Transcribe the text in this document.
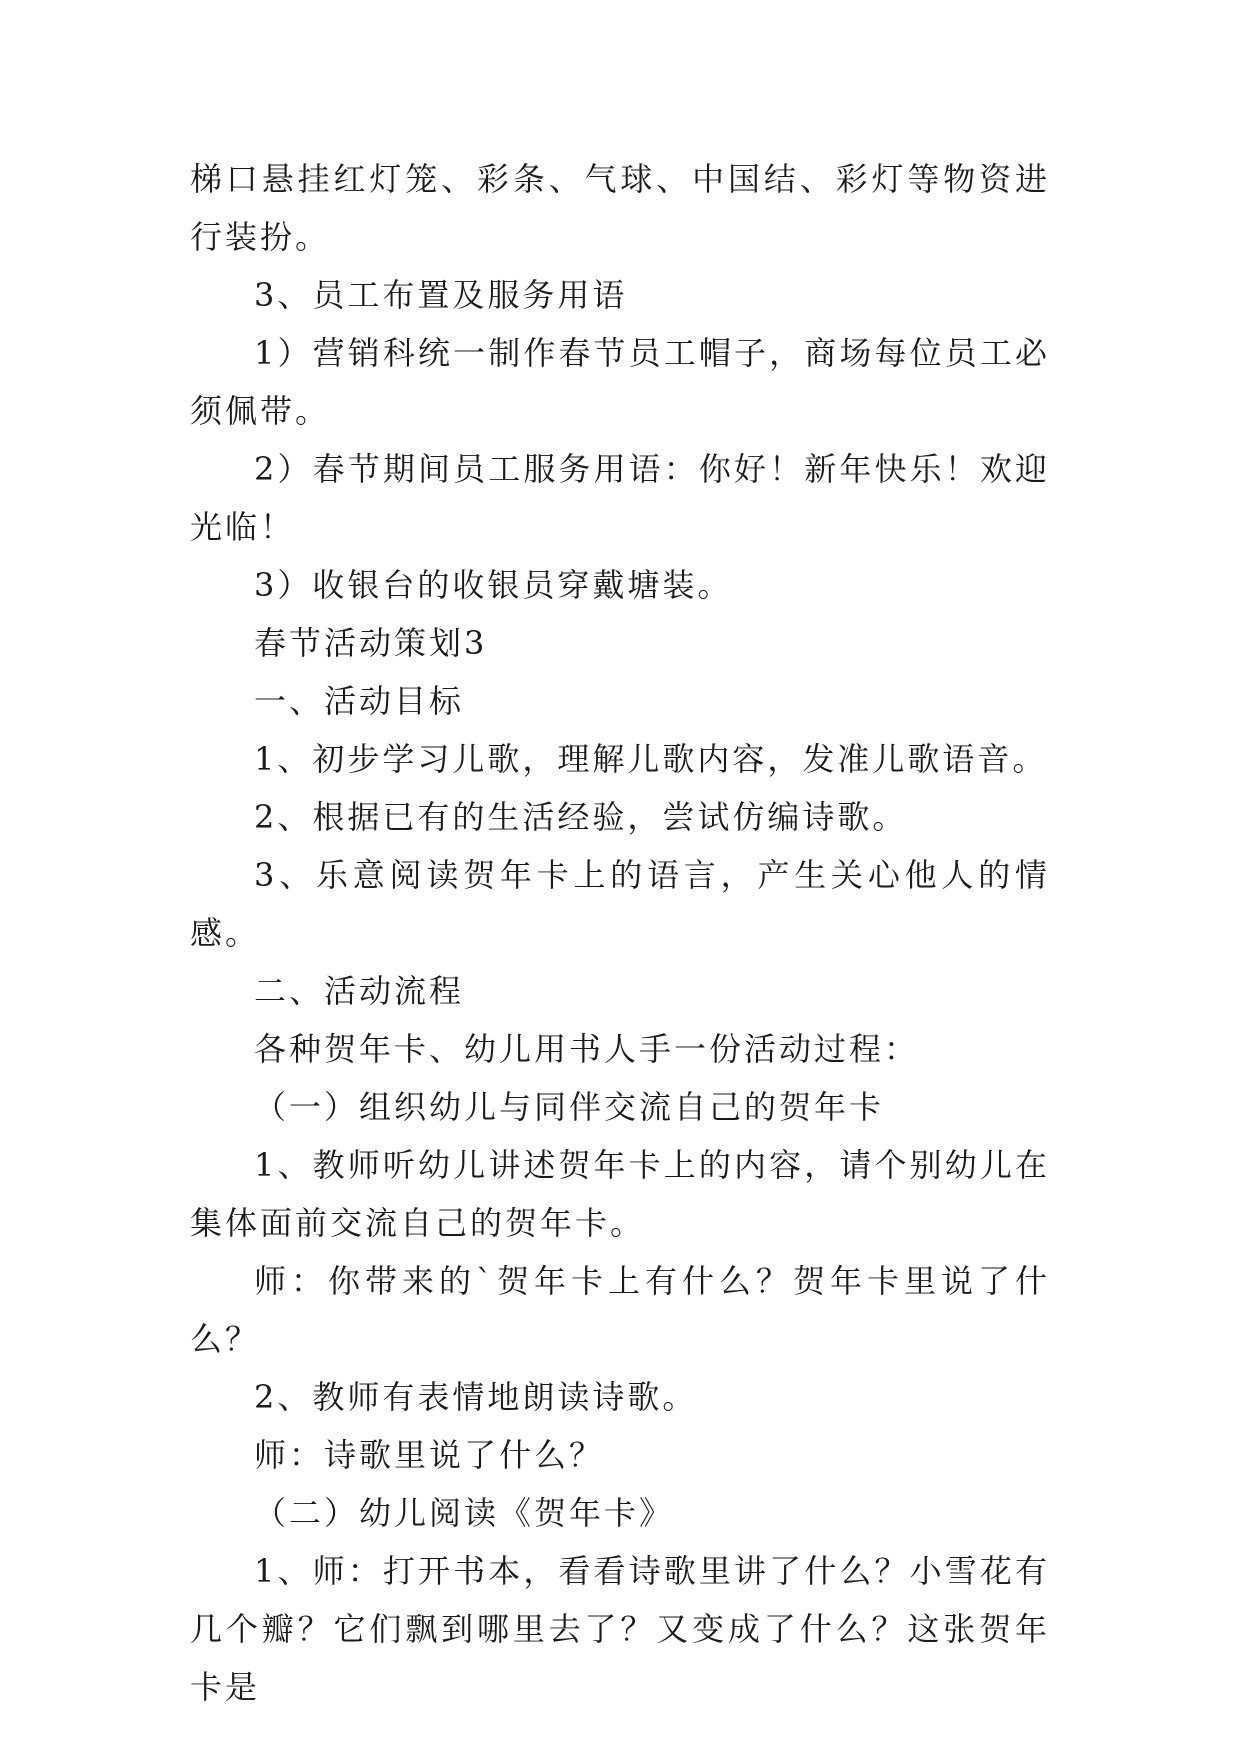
梯口悬挂红灯笼、彩条、气球、中国结、彩灯等物资进行装扮。

3、员工布置及服务用语

1）营销科统一制作春节员工帽子，商场每位员工必须佩带。

2）春节期间员工服务用语：你好！新年快乐！欢迎光临！

3）收银台的收银员穿戴塘装。

春节活动策划3

一、活动目标

1、初步学习儿歌，理解儿歌内容，发准儿歌语音。

2、根据已有的生活经验，尝试仿编诗歌。

3、乐意阅读贺年卡上的语言，产生关心他人的情感。

二、活动流程

各种贺年卡、幼儿用书人手一份活动过程：

（一）组织幼儿与同伴交流自己的贺年卡

1、教师听幼儿讲述贺年卡上的内容，请个别幼儿在集体面前交流自己的贺年卡。

师：你带来的`贺年卡上有什么？贺年卡里说了什么？

2、教师有表情地朗读诗歌。

师：诗歌里说了什么？

（二）幼儿阅读《贺年卡》

1、师：打开书本，看看诗歌里讲了什么？小雪花有几个瓣？它们飘到哪里去了？又变成了什么？这张贺年卡是
